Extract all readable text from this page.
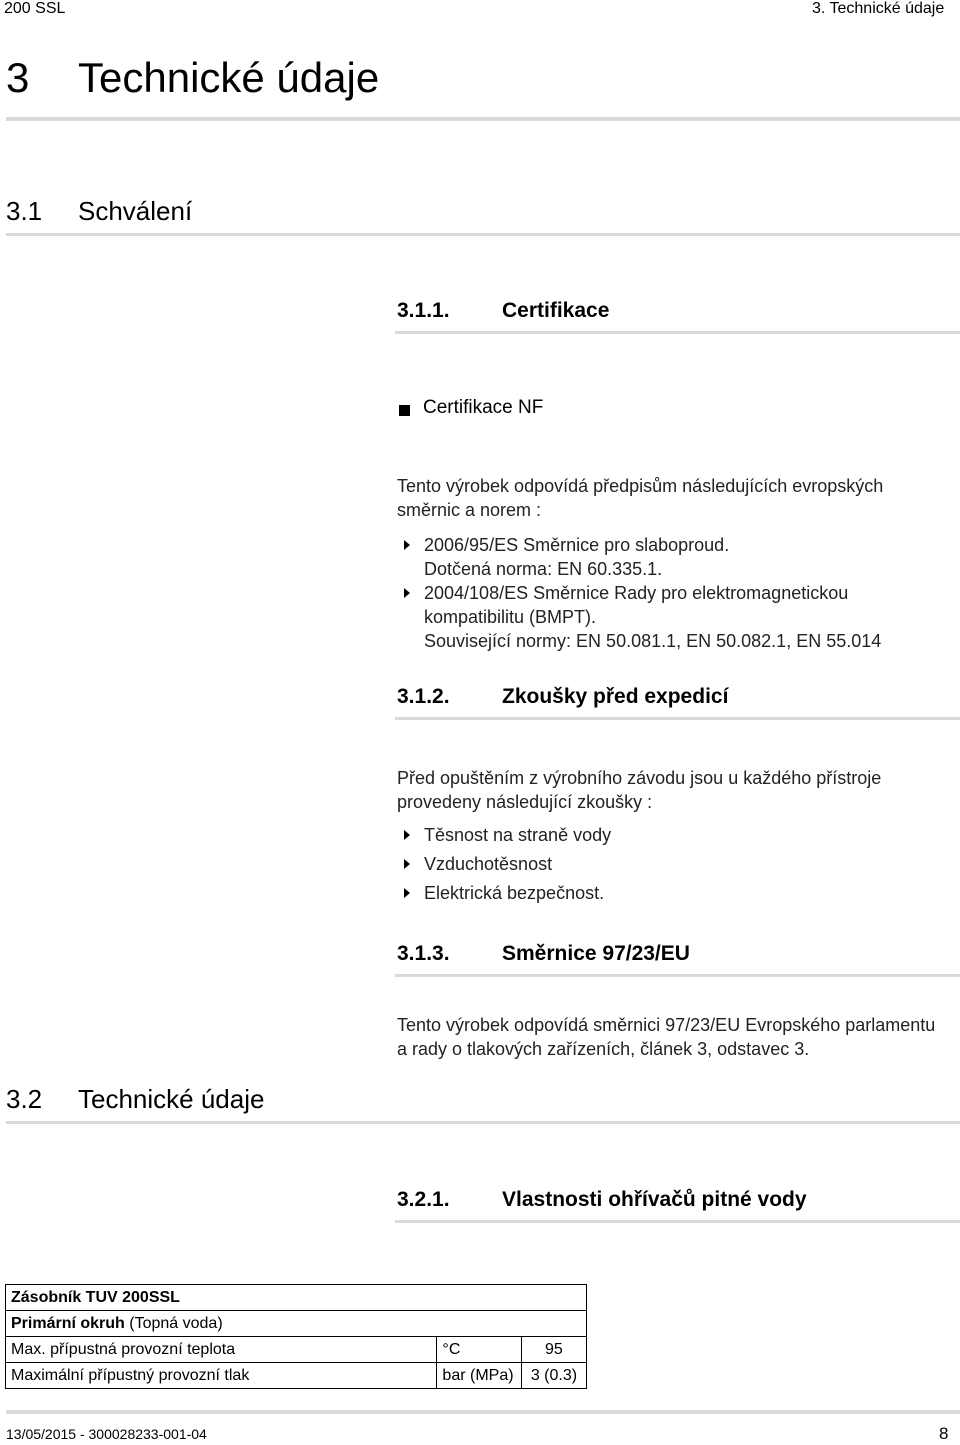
200 SSL	3. Technické údaje
3 Technické údaje
3.1 Schválení
3.1.1. Certifikace
Certifikace NF
Tento výrobek odpovídá předpisům následujících evropských
směrnic a norem :
2006/95/ES Směrnice pro slaboproud.
Dotčená norma: EN 60.335.1.
2004/108/ES Směrnice Rady pro elektromagnetickou
kompatibilitu (BMPT).
Související normy: EN 50.081.1, EN 50.082.1, EN 55.014
3.1.2. Zkoušky před expedicí
Před opuštěním z výrobního závodu jsou u každého přístroje
provedeny následující zkoušky :
Těsnost na straně vody
Vzduchotěsnost
Elektrická bezpečnost.
3.1.3. Směrnice 97/23/EU
Tento výrobek odpovídá směrnici 97/23/EU Evropského parlamentu
a rady o tlakových zařízeních, článek 3, odstavec 3.
3.2 Technické údaje
3.2.1. Vlastnosti ohřívačů pitné vody
Zásobník TUV 200SSL		
Primární okruh (Topná voda)		
Max. přípustná provozní teplota	°C	95
Maximální přípustný provozní tlak	bar (MPa)	3 (0.3)
13/05/2015 - 300028233-001-04	8
